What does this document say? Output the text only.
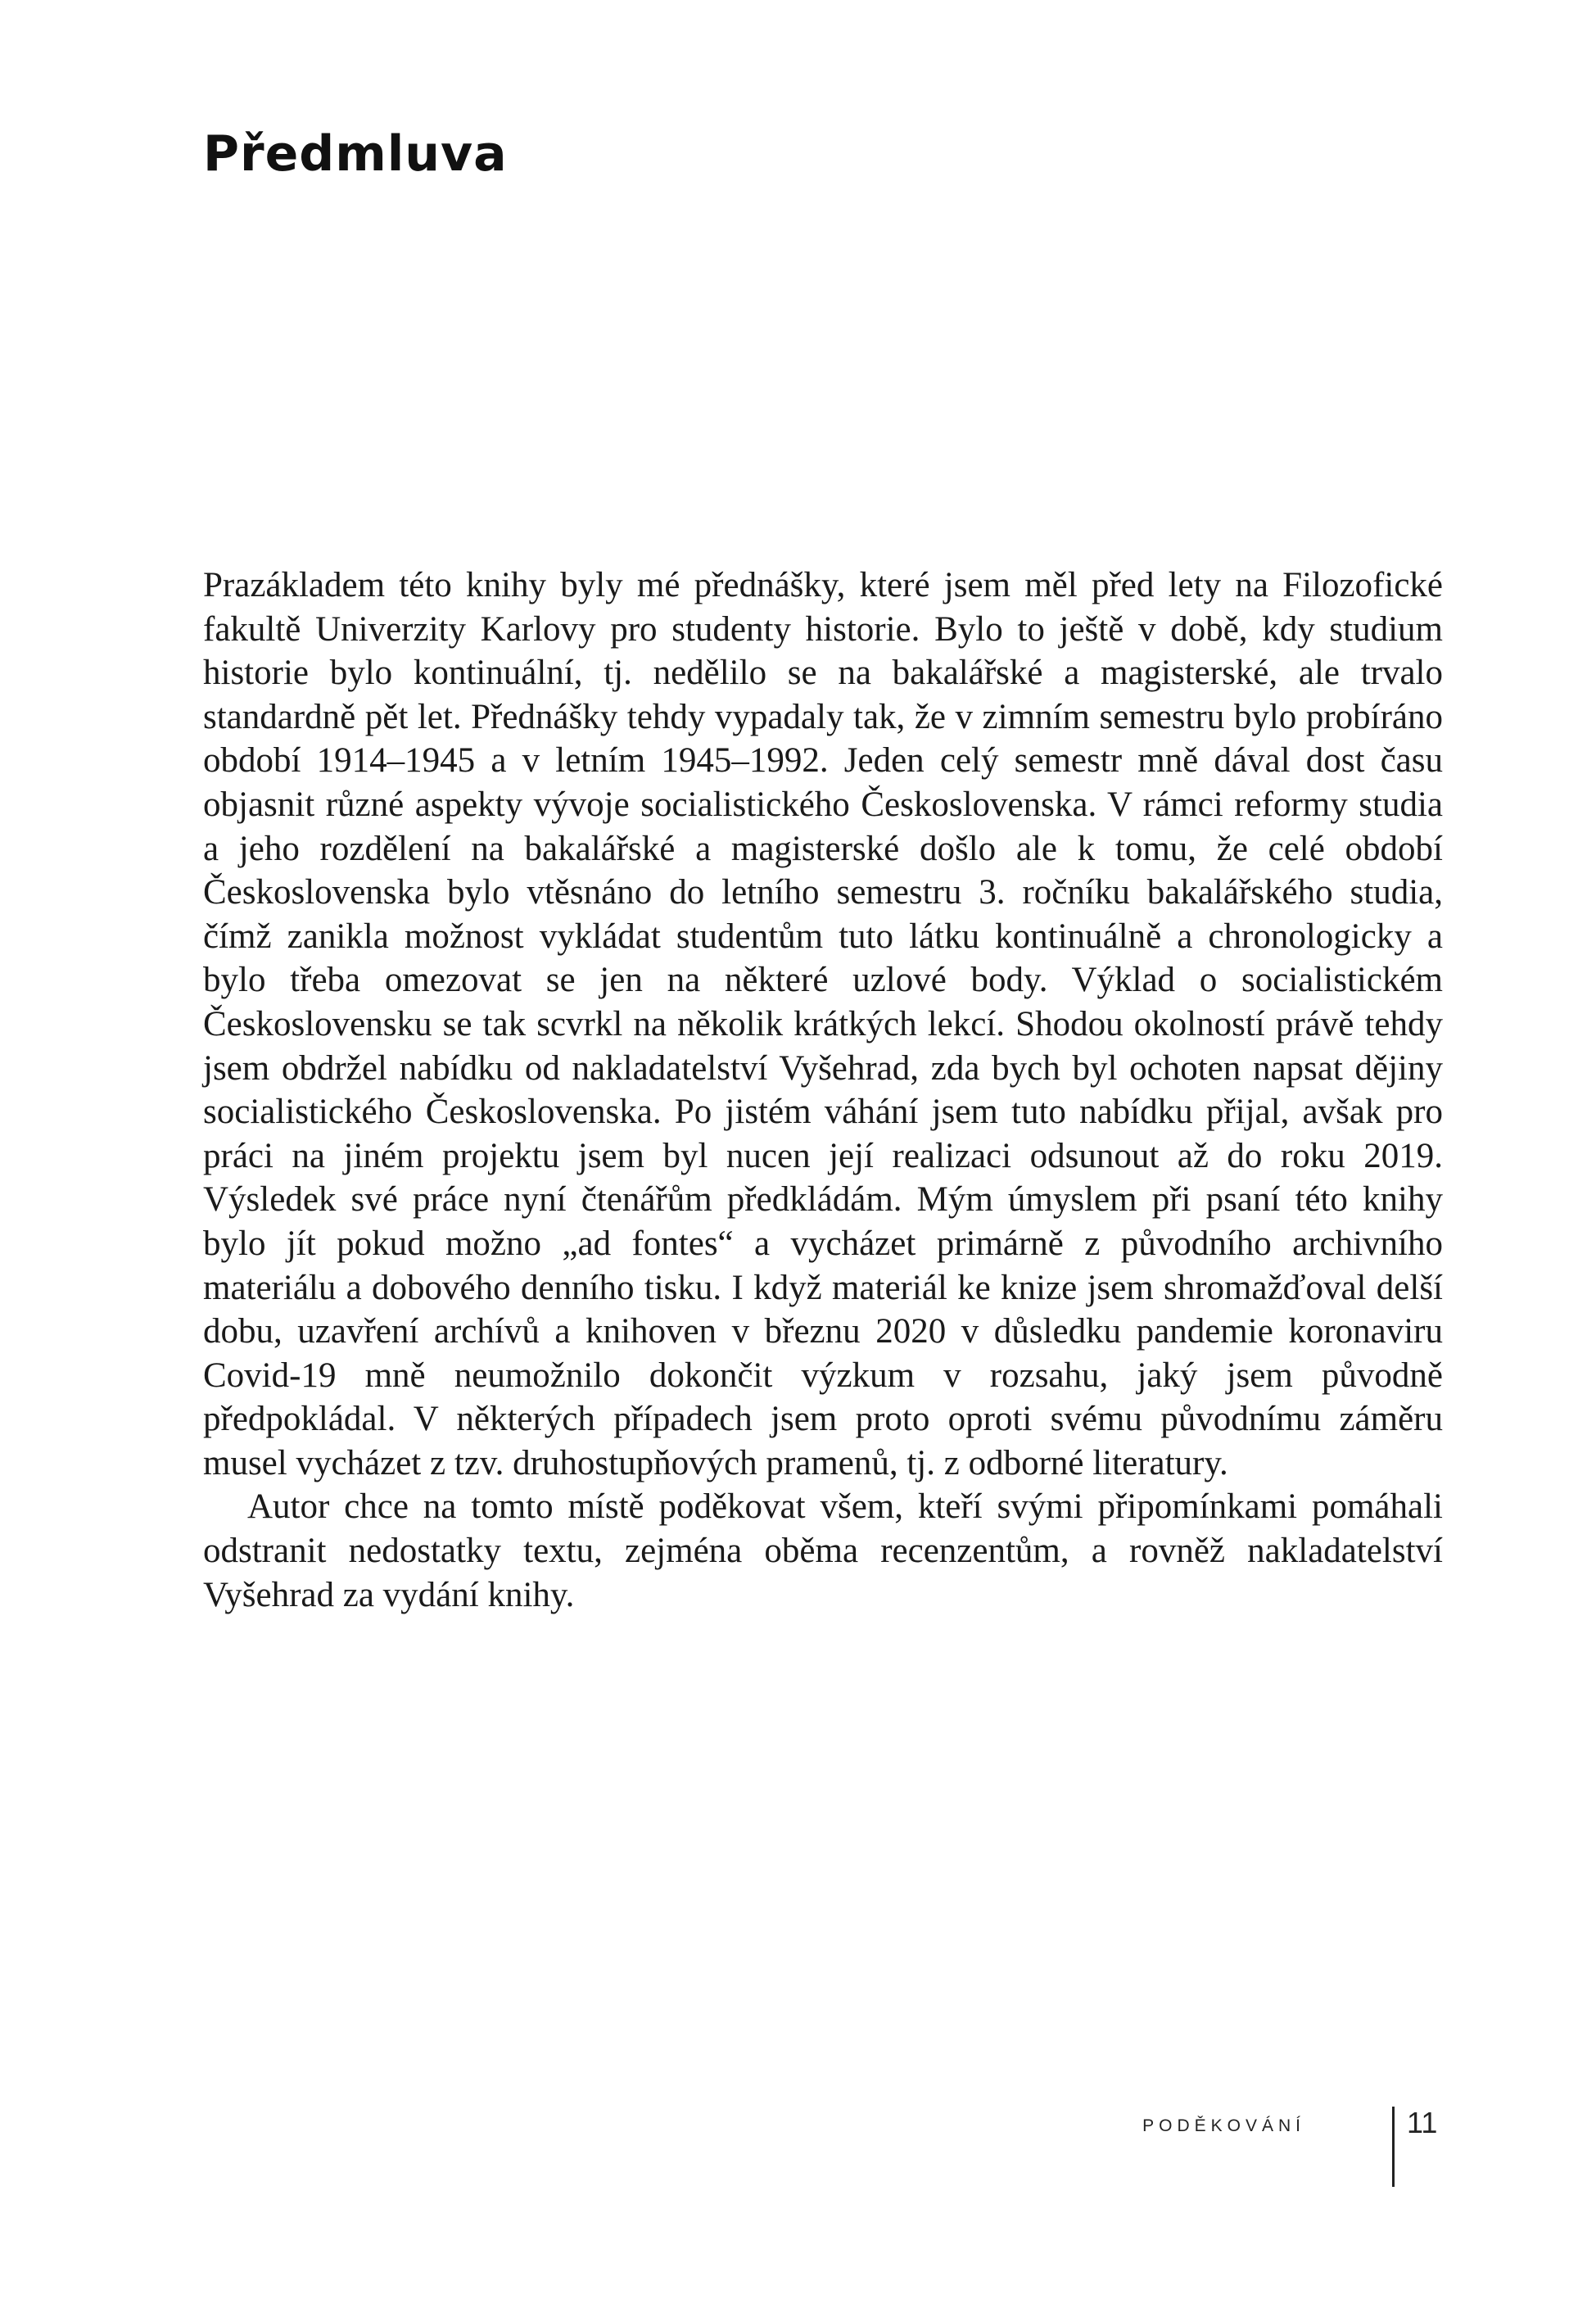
Předmluva

Prazákladem této knihy byly mé přednášky, které jsem měl před lety na Filozofické fakultě Univerzity Karlovy pro studenty historie. Bylo to ještě v době, kdy studium historie bylo kontinuální, tj. nedělilo se na bakalářské a magisterské, ale trvalo standardně pět let. Přednášky tehdy vypadaly tak, že v zimním semestru bylo probíráno období 1914–1945 a v letním 1945–1992. Jeden celý semestr mně dával dost času objasnit různé aspekty vývoje socialistického Československa. V rámci reformy studia a jeho rozdělení na bakalářské a magisterské došlo ale k tomu, že celé období Československa bylo vtěsnáno do letního semestru 3. ročníku bakalářského studia, čímž zanikla možnost vykládat studentům tuto látku kontinuálně a chronologicky a bylo třeba omezovat se jen na některé uzlové body. Výklad o socialistickém Československu se tak scvrkl na několik krátkých lekcí. Shodou okolností právě tehdy jsem obdržel nabídku od nakladatelství Vyšehrad, zda bych byl ochoten napsat dějiny socialistického Československa. Po jistém váhání jsem tuto nabídku přijal, avšak pro práci na jiném projektu jsem byl nucen její realizaci odsunout až do roku 2019. Výsledek své práce nyní čtenářům předkládám. Mým úmyslem při psaní této knihy bylo jít pokud možno „ad fontes“ a vycházet primárně z původního archivního materiálu a dobového denního tisku. I když materiál ke knize jsem shromažďoval delší dobu, uzavření archívů a knihoven v březnu 2020 v důsledku pandemie koronaviru Covid-19 mně neumožnilo dokončit výzkum v rozsahu, jaký jsem původně předpokládal. V některých případech jsem proto oproti svému původnímu záměru musel vycházet z tzv. druhostupňových pramenů, tj. z odborné literatury.

Autor chce na tomto místě poděkovat všem, kteří svými připomínkami pomáhali odstranit nedostatky textu, zejména oběma recenzentům, a rovněž nakladatelství Vyšehrad za vydání knihy.

PODĚKOVÁNÍ	11
